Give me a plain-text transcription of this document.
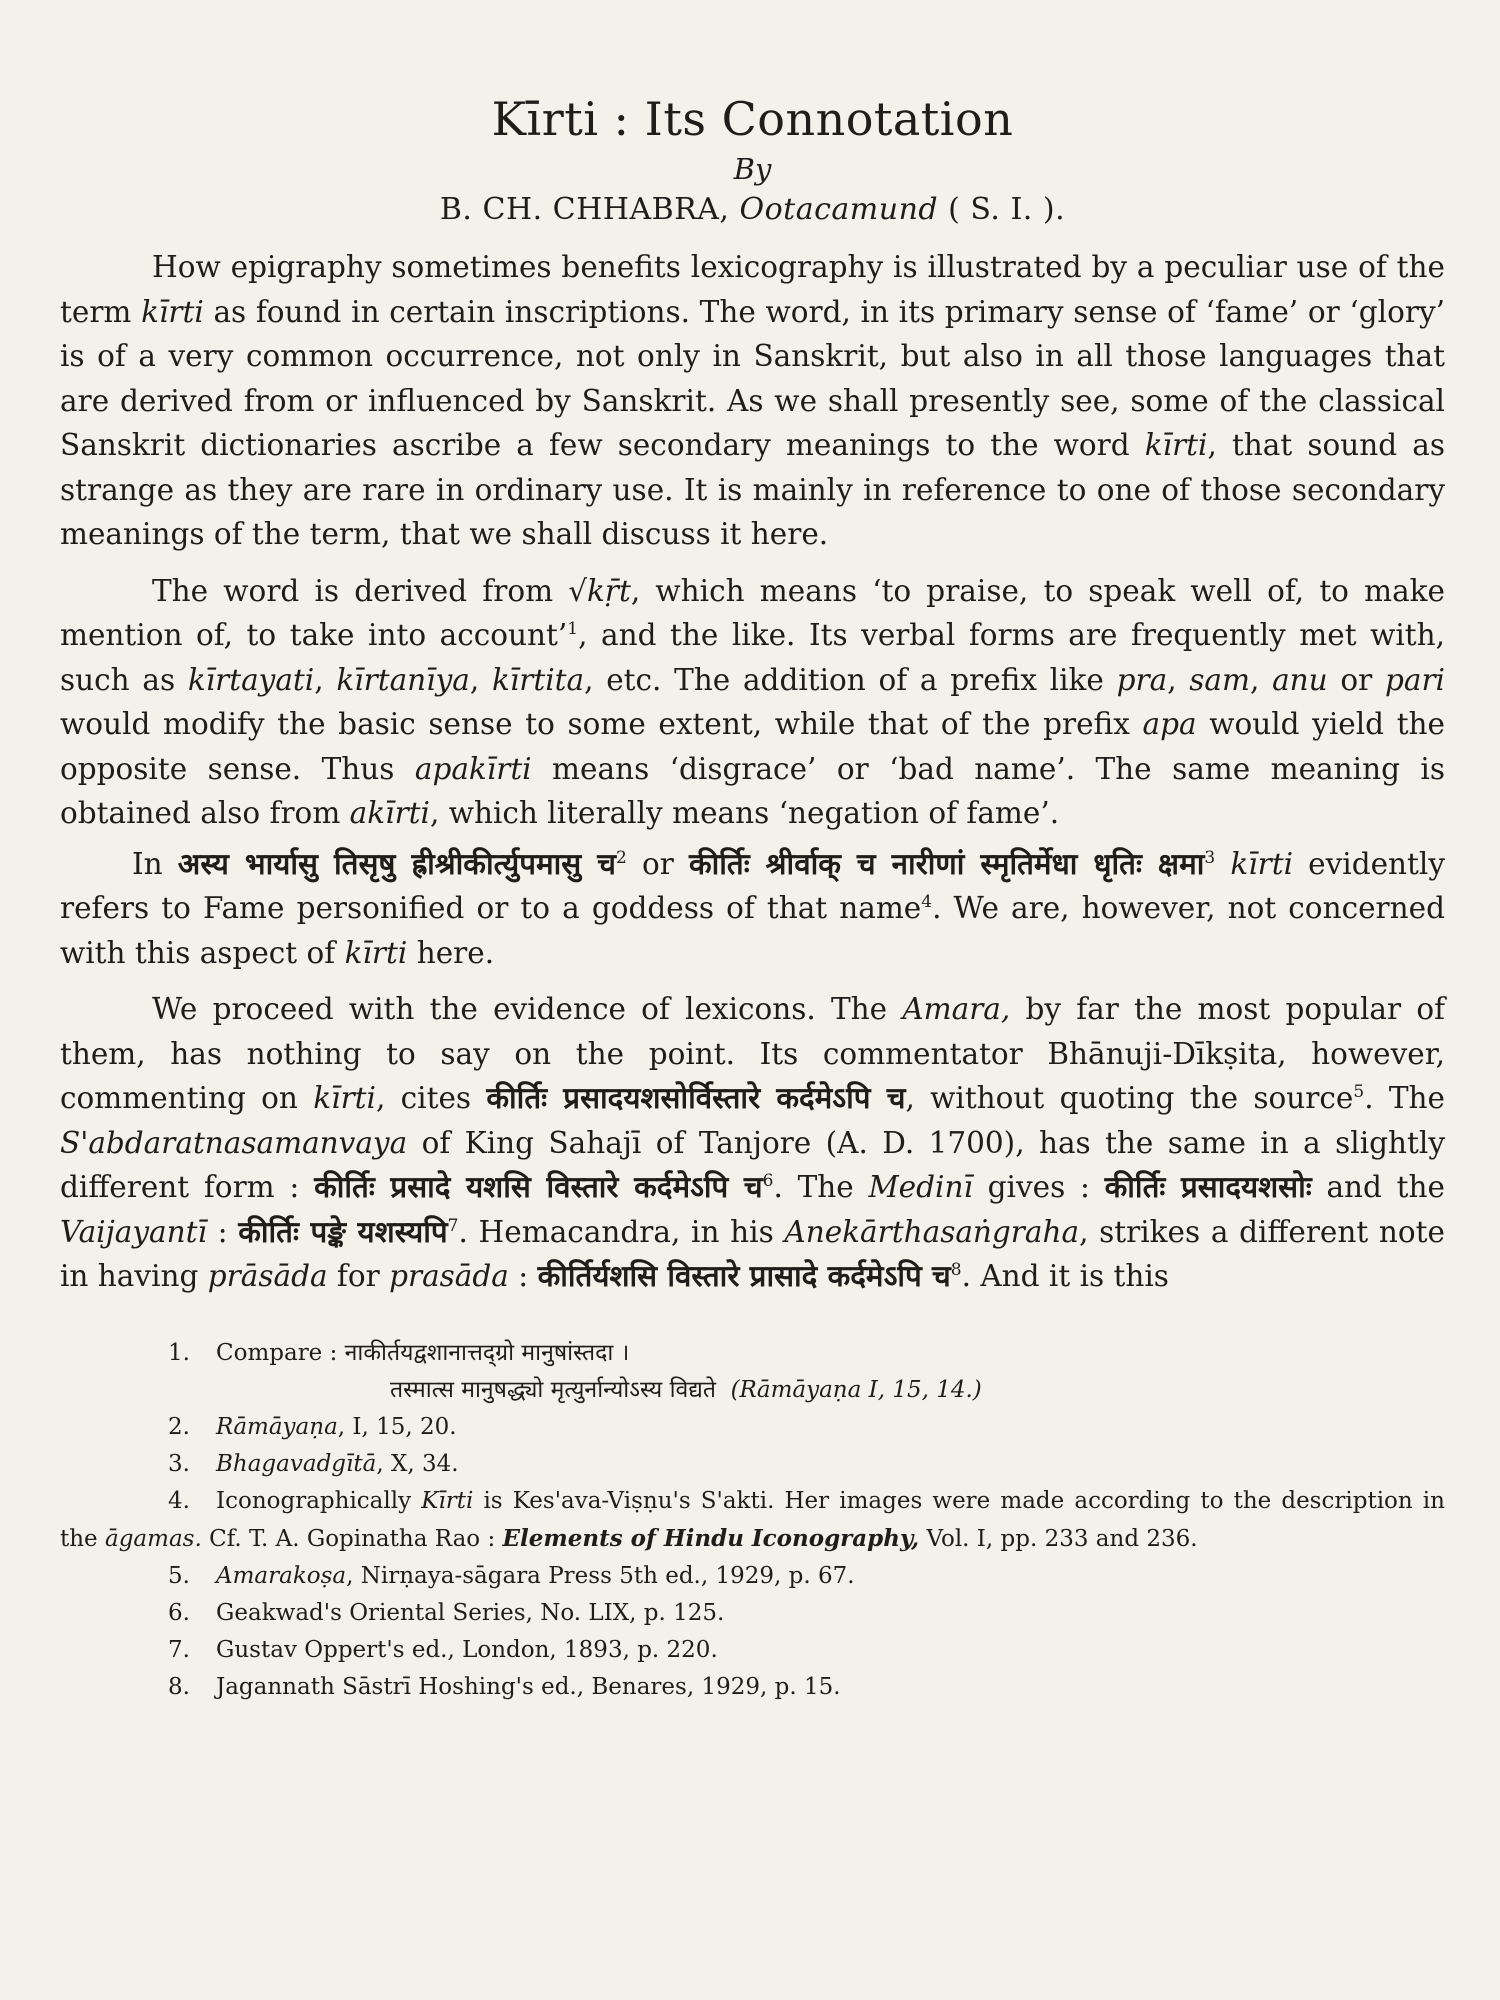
Kīrti : Its Connotation
By
B. CH. CHHABRA, Ootacamund ( S. I. ).

How epigraphy sometimes benefits lexicography is illustrated by a peculiar use of the term kīrti as found in certain inscriptions. The word, in its primary sense of ‘fame’ or ‘glory’ is of a very common occurrence, not only in Sanskrit, but also in all those languages that are derived from or influenced by Sanskrit. As we shall presently see, some of the classical Sanskrit dictionaries ascribe a few secondary meanings to the word kīrti, that sound as strange as they are rare in ordinary use. It is mainly in reference to one of those secondary meanings of the term, that we shall discuss it here.

The word is derived from √kṝt, which means ‘to praise, to speak well of, to make mention of, to take into account’$^1$, and the like. Its verbal forms are frequently met with, such as kīrtayati, kīrtanīya, kīrtita, etc. The addition of a prefix like pra, sam, anu or pari would modify the basic sense to some extent, while that of the prefix apa would yield the opposite sense. Thus apakīrti means ‘disgrace’ or ‘bad name’. The same meaning is obtained also from akīrti, which literally means ‘negation of fame’.

In अस्य भार्यासु तिसृषु ह्रीश्रीकीर्त्युपमासु च$^2$ or कीर्तिः श्रीर्वाक् च नारीणां स्मृतिर्मेधा धृतिः क्षमा$^3$ kīrti evidently refers to Fame personified or to a goddess of that name$^4$. We are, however, not concerned with this aspect of kīrti here.

We proceed with the evidence of lexicons. The Amara, by far the most popular of them, has nothing to say on the point. Its commentator Bhānuji-Dīkṣita, however, commenting on kīrti, cites कीर्तिः प्रसादयशसोर्विस्तारे कर्दमेऽपि च, without quoting the source$^5$. The S'abdaratnasamanvaya of King Sahajī of Tanjore (A. D. 1700), has the same in a slightly different form : कीर्तिः प्रसादे यशसि विस्तारे कर्दमेऽपि च$^6$. The Medinī gives : कीर्तिः प्रसादयशसोः and the Vaijayantī : कीर्तिः पङ्के यशस्यपि$^7$. Hemacandra, in his Anekārthasaṅgraha, strikes a different note in having prāsāda for prasāda : कीर्तिर्यशसि विस्तारे प्रासादे कर्दमेऽपि च$^8$. And it is this

1. Compare : नाकीर्तयद्वशानात्तद्ग्रो मानुषांस्तदा ।

तस्मात्स मानुषद्ध्यो मृत्युर्नान्योऽस्य विद्यते (Rāmāyaṇa I, 15, 14.)

2. Rāmāyaṇa, I, 15, 20.

3. Bhagavadgītā, X, 34.

4. Iconographically Kīrti is Kes'ava-Viṣṇu's S'akti. Her images were made according to the description in the āgamas. Cf. T. A. Gopinatha Rao : Elements of Hindu Iconography, Vol. I, pp. 233 and 236.

5. Amarakoṣa, Nirṇaya-sāgara Press 5th ed., 1929, p. 67.

6. Geakwad's Oriental Series, No. LIX, p. 125.

7. Gustav Oppert's ed., London, 1893, p. 220.

8. Jagannath Sāstrī Hoshing's ed., Benares, 1929, p. 15.
